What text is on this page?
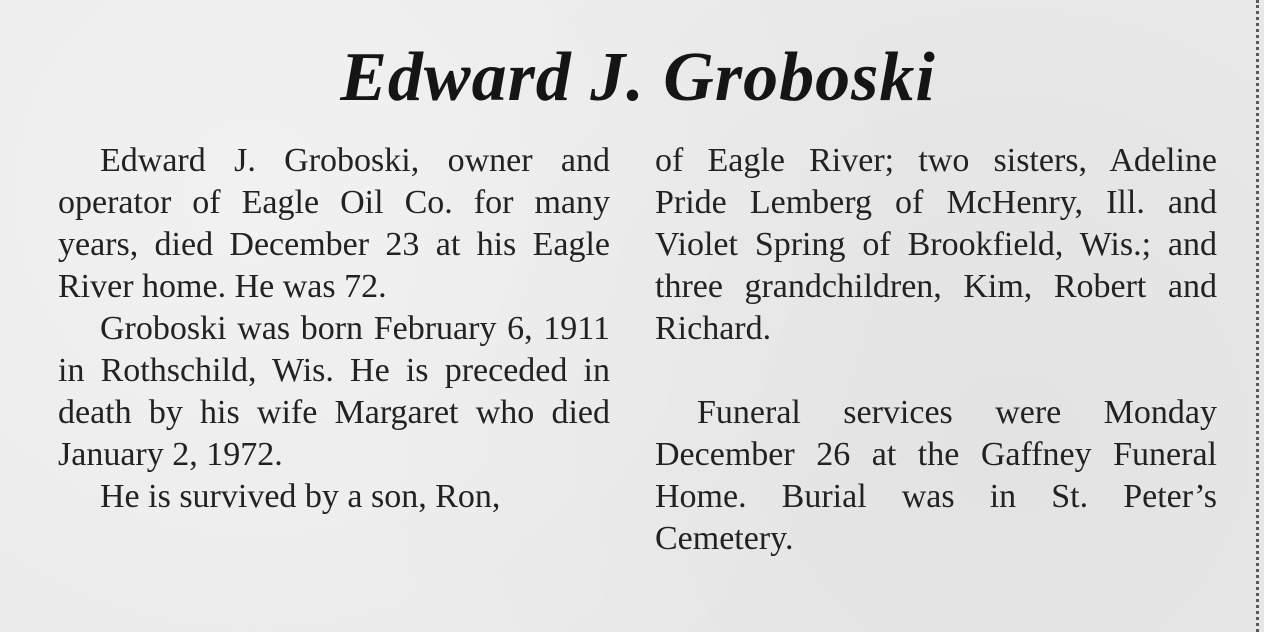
Edward J. Groboski

Edward J. Groboski, owner and operator of Eagle Oil Co. for many years, died December 23 at his Eagle River home. He was 72.

Groboski was born February 6, 1911 in Rothschild, Wis. He is preceded in death by his wife Margaret who died January 2, 1972.

He is survived by a son, Ron,

of Eagle River; two sisters, Adeline Pride Lemberg of McHenry, Ill. and Violet Spring of Brookfield, Wis.; and three grandchildren, Kim, Robert and Richard.

Funeral services were Monday December 26 at the Gaffney Funeral Home. Burial was in St. Peter’s Cemetery.
